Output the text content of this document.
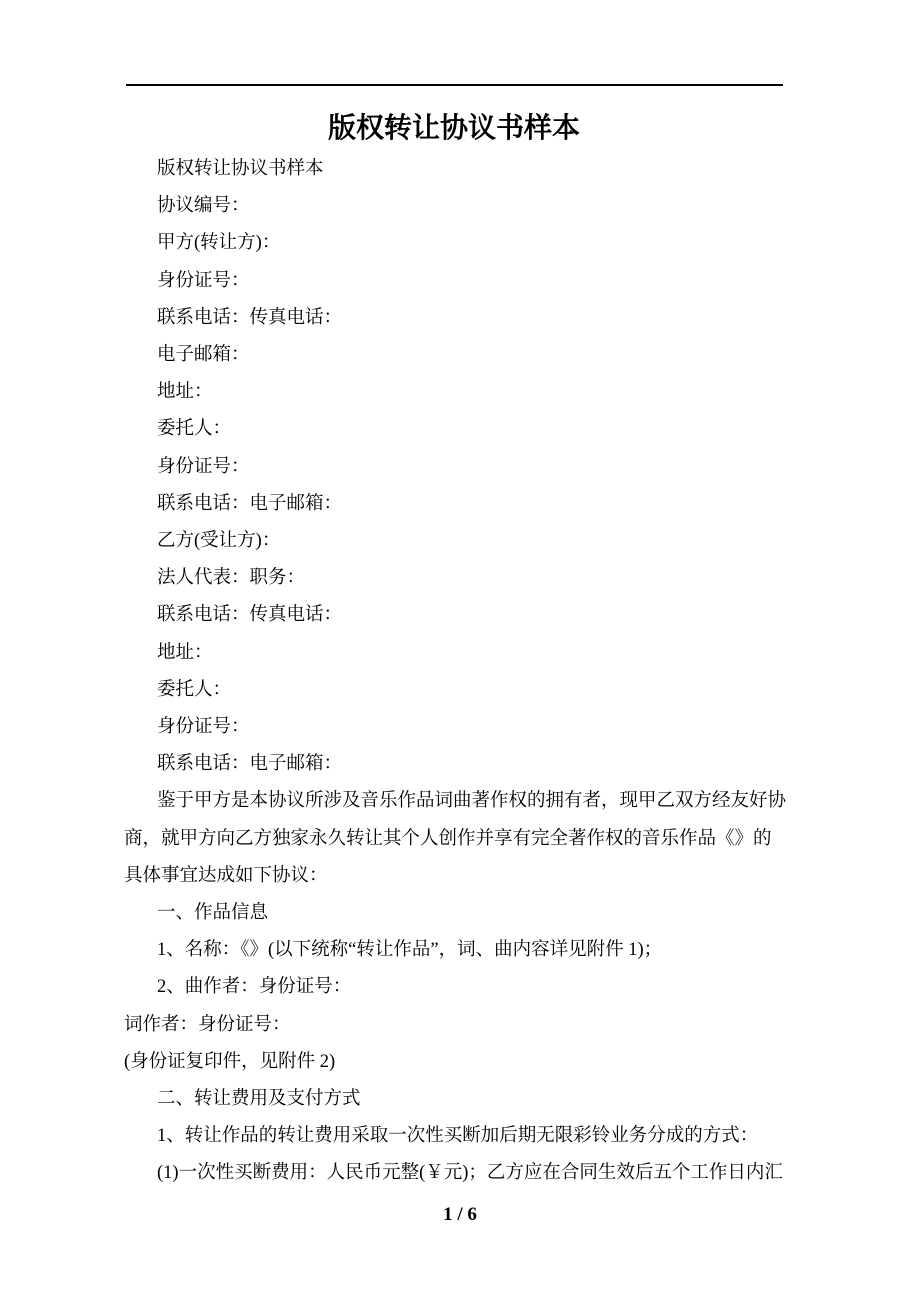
版权转让协议书样本

版权转让协议书样本

协议编号：

甲方(转让方)：

身份证号：

联系电话：传真电话：

电子邮箱：

地址：

委托人：

身份证号：

联系电话：电子邮箱：

乙方(受让方)：

法人代表：职务：

联系电话：传真电话：

地址：

委托人：

身份证号：

联系电话：电子邮箱：

鉴于甲方是本协议所涉及音乐作品词曲著作权的拥有者，现甲乙双方经友好协

商，就甲方向乙方独家永久转让其个人创作并享有完全著作权的音乐作品《》的

具体事宜达成如下协议：

一、作品信息

1、名称：《》(以下统称“转让作品”，词、曲内容详见附件 1)；

2、曲作者：身份证号：

词作者：身份证号：

(身份证复印件，见附件 2)

二、转让费用及支付方式

1、转让作品的转让费用采取一次性买断加后期无限彩铃业务分成的方式：

(1)一次性买断费用：人民币元整(￥元)；乙方应在合同生效后五个工作日内汇

1 / 6
